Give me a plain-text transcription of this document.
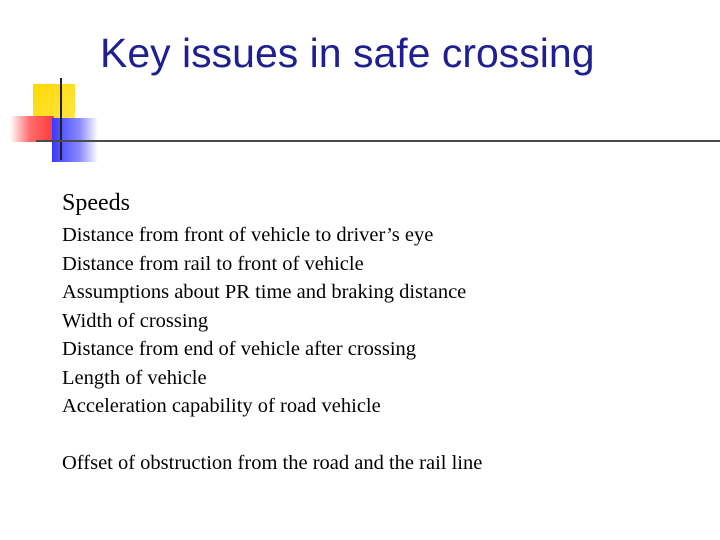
Key issues in safe crossing
Speeds
Distance from front of vehicle to driver’s eye
Distance from rail to front of vehicle
Assumptions about PR time and braking distance
Width of crossing
Distance from end of vehicle after crossing
Length of vehicle
Acceleration capability of road vehicle
Offset of obstruction from the road and the rail line
